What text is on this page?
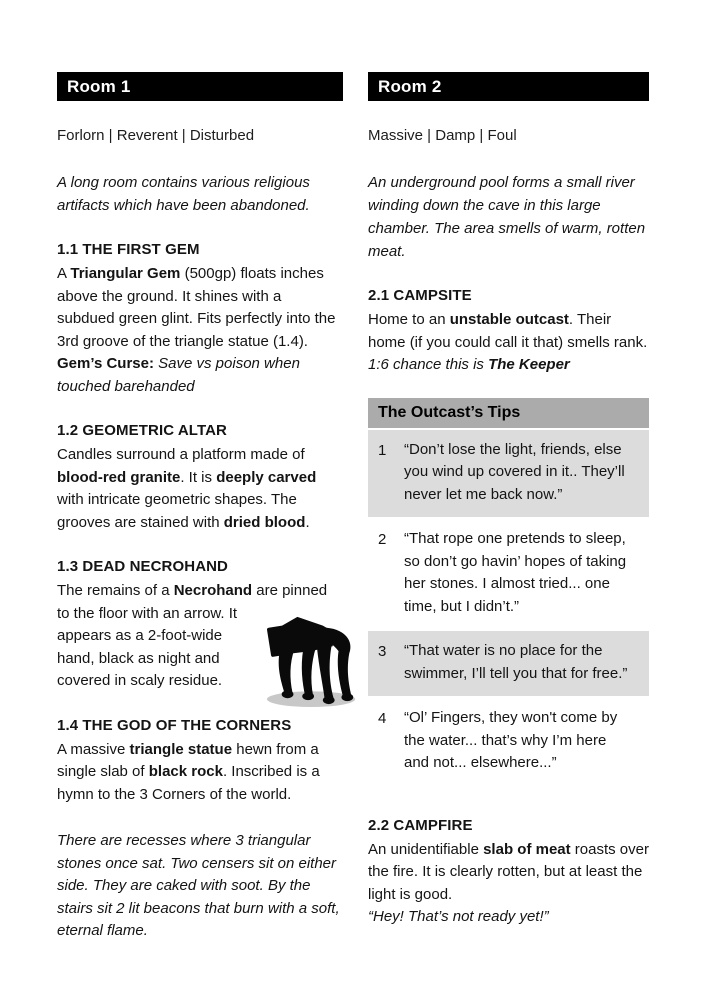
Room 1
Forlorn | Reverent | Disturbed
A long room contains various religious artifacts which have been abandoned.
1.1 THE FIRST GEM
A Triangular Gem (500gp) floats inches above the ground. It shines with a subdued green glint. Fits perfectly into the 3rd groove of the triangle statue (1.4). Gem’s Curse: Save vs poison when touched barehanded
1.2 GEOMETRIC ALTAR
Candles surround a platform made of blood-red granite. It is deeply carved with intricate geometric shapes. The grooves are stained with dried blood.
1.3 DEAD NECROHAND
The remains of a Necrohand are pinned to the floor with an arrow. It
appears as a 2-foot-wide hand, black as night and covered in scaly residue.
1.4 THE GOD OF THE CORNERS
A massive triangle statue hewn from a single slab of black rock. Inscribed is a hymn to the 3 Corners of the world.
There are recesses where 3 triangular stones once sat. Two censers sit on either side. They are caked with soot. By the stairs sit 2 lit beacons that burn with a soft, eternal flame.
Room 2
Massive | Damp | Foul
An underground pool forms a small river winding down the cave in this large chamber. The area smells of warm, rotten meat.
2.1 CAMPSITE
Home to an unstable outcast. Their home (if you could call it that) smells rank. 1:6 chance this is The Keeper
The Outcast’s Tips
1	“Don’t lose the light, friends, else you wind up covered in it.. They’ll never let me back now.”
2	“That rope one pretends to sleep, so don’t go havin’ hopes of taking her stones. I almost tried... one time, but I didn’t.”
3	“That water is no place for the swimmer, I’ll tell you that for free.”
4	“Ol’ Fingers, they won't come by the water... that’s why I’m here and not... elsewhere...”
2.2 CAMPFIRE
An unidentifiable slab of meat roasts over the fire. It is clearly rotten, but at least the light is good.
“Hey! That’s not ready yet!”
